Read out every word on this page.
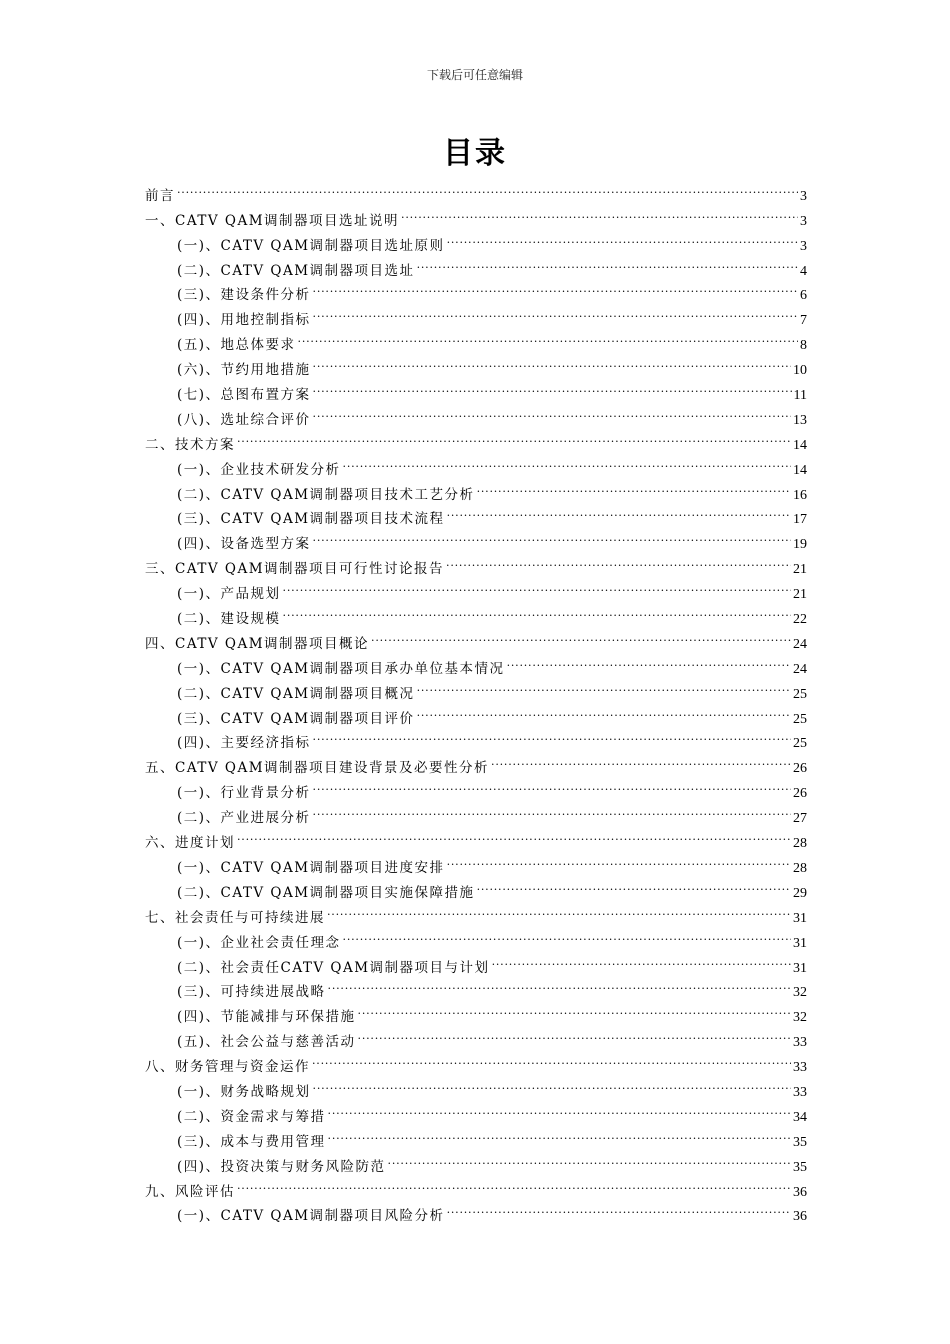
下载后可任意编辑
目录
前言 .....	3
一、CATV QAM调制器项目选址说明 .....	3
(一)、CATV QAM调制器项目选址原则 .....	3
(二)、CATV QAM调制器项目选址 .....	4
(三)、建设条件分析 .....	6
(四)、用地控制指标 .....	7
(五)、地总体要求 .....	8
(六)、节约用地措施 .....	10
(七)、总图布置方案 .....	11
(八)、选址综合评价 .....	13
二、技术方案 .....	14
(一)、企业技术研发分析 .....	14
(二)、CATV QAM调制器项目技术工艺分析 .....	16
(三)、CATV QAM调制器项目技术流程 .....	17
(四)、设备选型方案 .....	19
三、CATV QAM调制器项目可行性讨论报告 .....	21
(一)、产品规划 .....	21
(二)、建设规模 .....	22
四、CATV QAM调制器项目概论 .....	24
(一)、CATV QAM调制器项目承办单位基本情况 .....	24
(二)、CATV QAM调制器项目概况 .....	25
(三)、CATV QAM调制器项目评价 .....	25
(四)、主要经济指标 .....	25
五、CATV QAM调制器项目建设背景及必要性分析 .....	26
(一)、行业背景分析 .....	26
(二)、产业进展分析 .....	27
六、进度计划 .....	28
(一)、CATV QAM调制器项目进度安排 .....	28
(二)、CATV QAM调制器项目实施保障措施 .....	29
七、社会责任与可持续进展 .....	31
(一)、企业社会责任理念 .....	31
(二)、社会责任CATV QAM调制器项目与计划 .....	31
(三)、可持续进展战略 .....	32
(四)、节能减排与环保措施 .....	32
(五)、社会公益与慈善活动 .....	33
八、财务管理与资金运作 .....	33
(一)、财务战略规划 .....	33
(二)、资金需求与筹措 .....	34
(三)、成本与费用管理 .....	35
(四)、投资决策与财务风险防范 .....	35
九、风险评估 .....	36
(一)、CATV QAM调制器项目风险分析 .....	36
